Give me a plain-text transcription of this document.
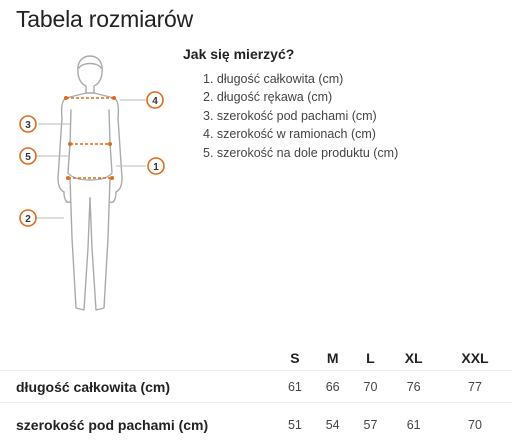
Tabela rozmiarów
3
5
2
4
1
Jak się mierzyć?
1. długość całkowita (cm)
2. długość rękawa (cm)
3. szerokość pod pachami (cm)
4. szerokość w ramionach (cm)
5. szerokość na dole produktu (cm)
	S	M	L	XL	XXL
długość całkowita (cm)	61	66	70	76	77
szerokość pod pachami (cm)	51	54	57	61	70
